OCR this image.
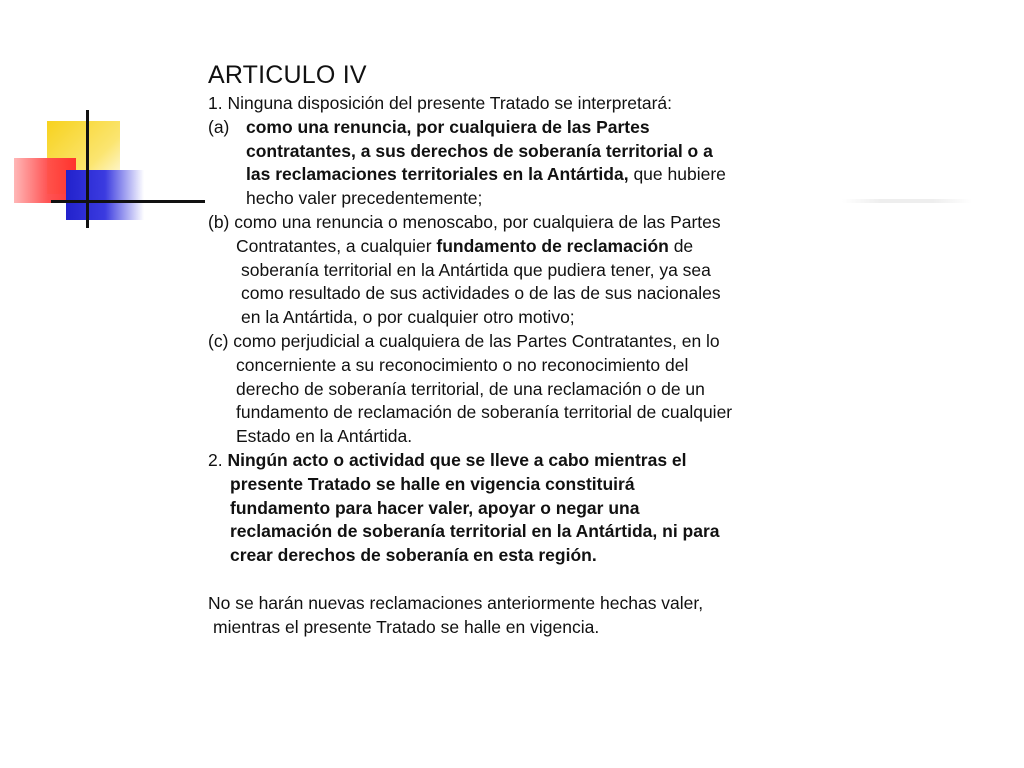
ARTICULO IV

1. Ninguna disposición del presente Tratado se interpretará:

(a) como una renuncia, por cualquiera de las Partes
contratantes, a sus derechos de soberanía territorial o a
las reclamaciones territoriales en la Antártida, que hubiere
hecho valer precedentemente;
(b) como una renuncia o menoscabo, por cualquiera de las Partes
Contratantes, a cualquier fundamento de reclamación de
soberanía territorial en la Antártida que pudiera tener, ya sea
como resultado de sus actividades o de las de sus nacionales
en la Antártida, o por cualquier otro motivo;
(c) como perjudicial a cualquiera de las Partes Contratantes, en lo
concerniente a su reconocimiento o no reconocimiento del
derecho de soberanía territorial, de una reclamación o de un
fundamento de reclamación de soberanía territorial de cualquier
Estado en la Antártida.
2. Ningún acto o actividad que se lleve a cabo mientras el
presente Tratado se halle en vigencia constituirá
fundamento para hacer valer, apoyar o negar una
reclamación de soberanía territorial en la Antártida, ni para
crear derechos de soberanía en esta región.
No se harán nuevas reclamaciones anteriormente hechas valer,
mientras el presente Tratado se halle en vigencia.
